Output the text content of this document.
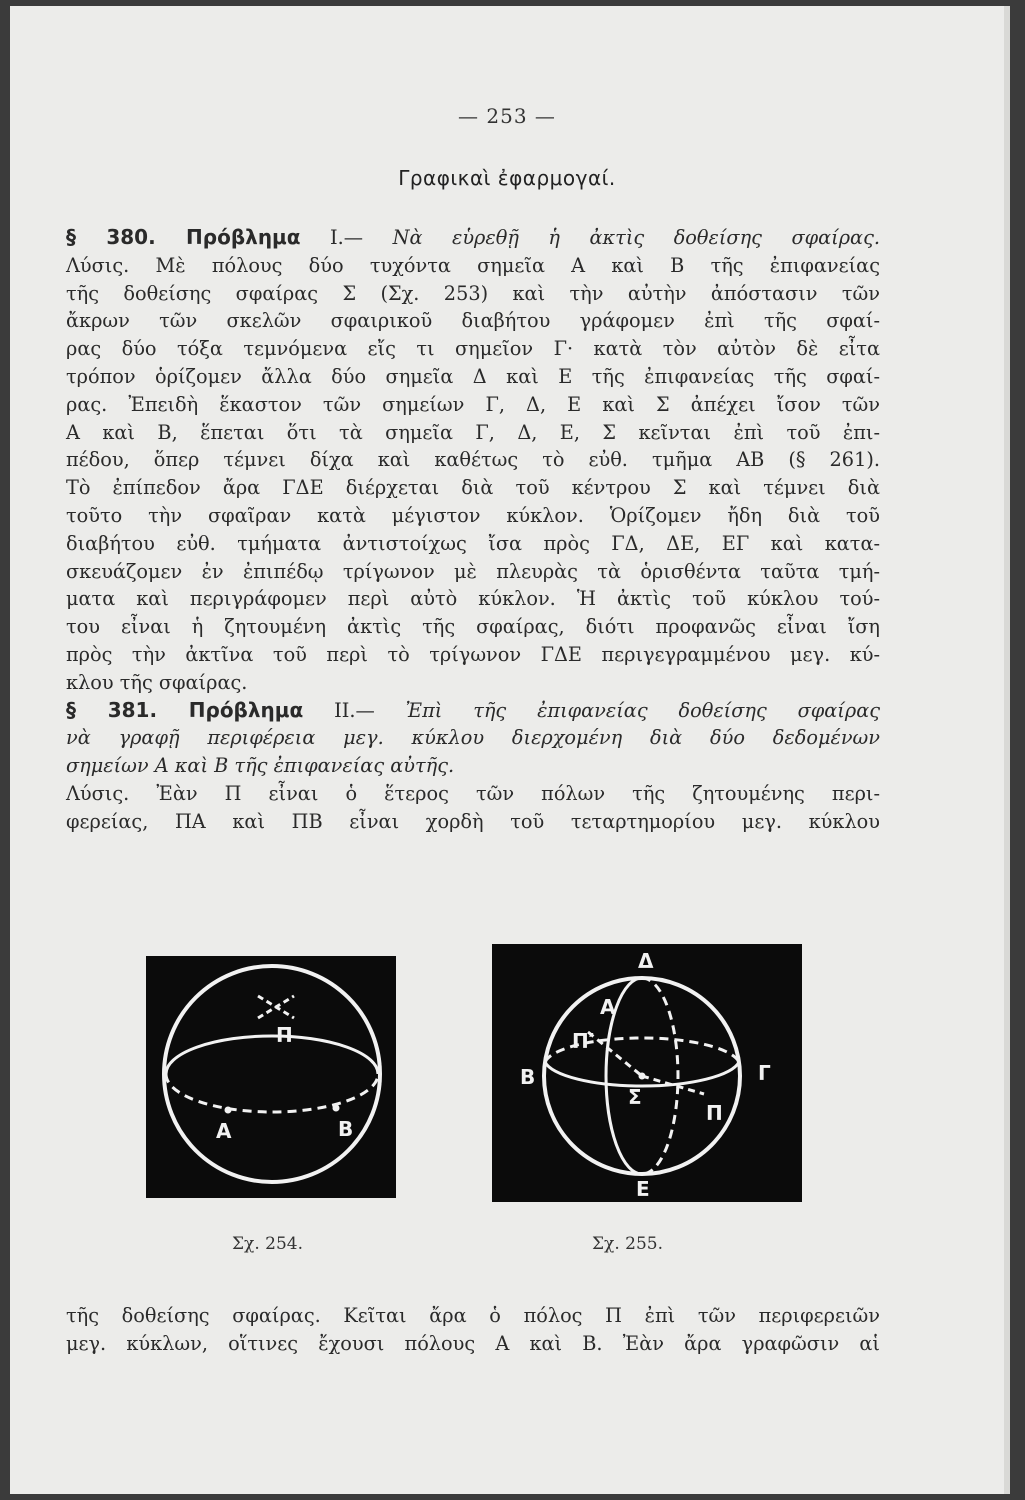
— 253 —
Γραφικαὶ ἐφαρμογαί.

§ 380. Πρόβλημα Ι.— Νὰ εὑρεθῇ ἡ ἀκτὶς δοθείσης σφαίρας.

Λύσις. Μὲ πόλους δύο τυχόντα σημεῖα Α καὶ Β τῆς ἐπιφανείας

τῆς δοθείσης σφαίρας Σ (Σχ. 253) καὶ τὴν αὐτὴν ἀπόστασιν τῶν

ἄκρων τῶν σκελῶν σφαιρικοῦ διαβήτου γράφομεν ἐπὶ τῆς σφαί-

ρας δύο τόξα τεμνόμενα εἴς τι σημεῖον Γ· κατὰ τὸν αὐτὸν δὲ εἶτα

τρόπον ὁρίζομεν ἄλλα δύο σημεῖα Δ καὶ Ε τῆς ἐπιφανείας τῆς σφαί-

ρας. Ἐπειδὴ ἕκαστον τῶν σημείων Γ, Δ, Ε καὶ Σ ἀπέχει ἴσον τῶν

Α καὶ Β, ἕπεται ὅτι τὰ σημεῖα Γ, Δ, Ε, Σ κεῖνται ἐπὶ τοῦ ἐπι-

πέδου, ὅπερ τέμνει δίχα καὶ καθέτως τὸ εὐθ. τμῆμα ΑΒ (§ 261).

Τὸ ἐπίπεδον ἄρα ΓΔΕ διέρχεται διὰ τοῦ κέντρου Σ καὶ τέμνει διὰ

τοῦτο τὴν σφαῖραν κατὰ μέγιστον κύκλον. Ὁρίζομεν ἤδη διὰ τοῦ

διαβήτου εὐθ. τμήματα ἀντιστοίχως ἴσα πρὸς ΓΔ, ΔΕ, ΕΓ καὶ κατα-

σκευάζομεν ἐν ἐπιπέδῳ τρίγωνον μὲ πλευρὰς τὰ ὁρισθέντα ταῦτα τμή-

ματα καὶ περιγράφομεν περὶ αὐτὸ κύκλον. Ἡ ἀκτὶς τοῦ κύκλου τού-

του εἶναι ἡ ζητουμένη ἀκτὶς τῆς σφαίρας, διότι προφανῶς εἶναι ἴση

πρὸς τὴν ἀκτῖνα τοῦ περὶ τὸ τρίγωνον ΓΔΕ περιγεγραμμένου μεγ. κύ-

κλου τῆς σφαίρας.

§ 381. Πρόβλημα ΙΙ.— Ἐπὶ τῆς ἐπιφανείας δοθείσης σφαίρας

νὰ γραφῇ περιφέρεια μεγ. κύκλου διερχομένη διὰ δύο δεδομένων

σημείων Α καὶ Β τῆς ἐπιφανείας αὐτῆς.

Λύσις. Ἐὰν Π εἶναι ὁ ἕτερος τῶν πόλων τῆς ζητουμένης περι-

φερείας, ΠΑ καὶ ΠΒ εἶναι χορδὴ τοῦ τεταρτημορίου μεγ. κύκλου

Π
Α	Β
Δ
Α
Π′
Β	Γ
Σ
Π
Ε
Σχ. 254.	Σχ. 255.

τῆς δοθείσης σφαίρας. Κεῖται ἄρα ὁ πόλος Π ἐπὶ τῶν περιφερειῶν

μεγ. κύκλων, οἵτινες ἔχουσι πόλους Α καὶ Β. Ἐὰν ἄρα γραφῶσιν αἱ
